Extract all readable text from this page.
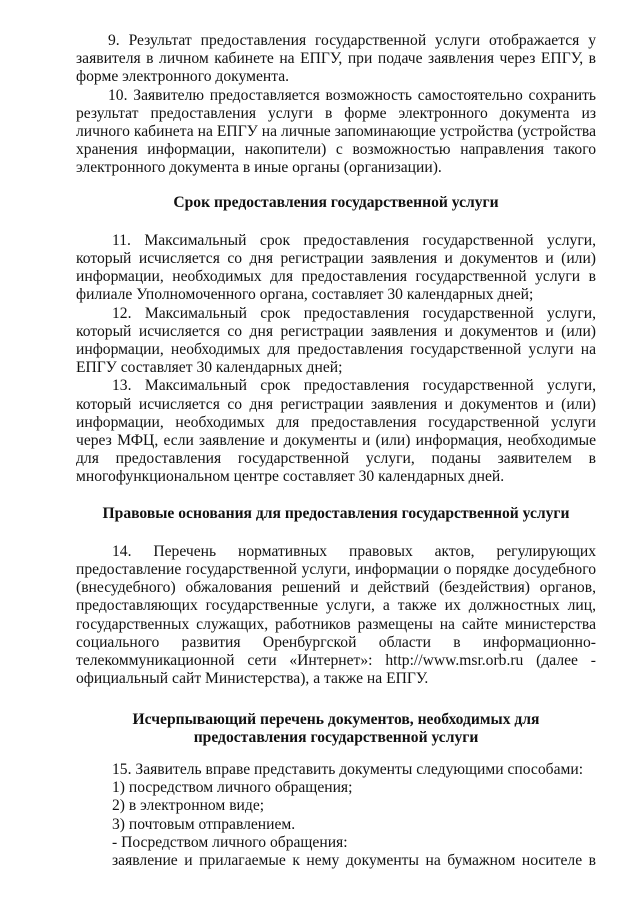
9. Результат предоставления государственной услуги отображается у заявителя в личном кабинете на ЕПГУ, при подаче заявления через ЕПГУ, в форме электронного документа.

10. Заявителю предоставляется возможность самостоятельно сохранить результат предоставления услуги в форме электронного документа из личного кабинета на ЕПГУ на личные запоминающие устройства (устройства хранения информации, накопители) с возможностью направления такого электронного документа в иные органы (организации).

Срок предоставления государственной услуги

11. Максимальный срок предоставления государственной услуги, который исчисляется со дня регистрации заявления и документов и (или) информации, необходимых для предоставления государственной услуги в филиале Уполномоченного органа, составляет 30 календарных дней;

12. Максимальный срок предоставления государственной услуги, который исчисляется со дня регистрации заявления и документов и (или) информации, необходимых для предоставления государственной услуги на ЕПГУ составляет 30 календарных дней;

13. Максимальный срок предоставления государственной услуги, который исчисляется со дня регистрации заявления и документов и (или) информации, необходимых для предоставления государственной услуги через МФЦ, если заявление и документы и (или) информация, необходимые для предоставления государственной услуги, поданы заявителем в многофункциональном центре составляет 30 календарных дней.

Правовые основания для предоставления государственной услуги

14. Перечень нормативных правовых актов, регулирующих предоставление государственной услуги, информации о порядке досудебного (внесудебного) обжалования решений и действий (бездействия) органов, предоставляющих государственные услуги, а также их должностных лиц, государственных служащих, работников размещены на сайте министерства социального развития Оренбургской области в информационно-телекоммуникационной сети «Интернет»: http://www.msr.orb.ru (далее - официальный сайт Министерства), а также на ЕПГУ.

Исчерпывающий перечень документов, необходимых для
предоставления государственной услуги

15. Заявитель вправе представить документы следующими способами:

1) посредством личного обращения;

2) в электронном виде;

3) почтовым отправлением.

- Посредством личного обращения:

заявление и прилагаемые к нему документы на бумажном носителе в
